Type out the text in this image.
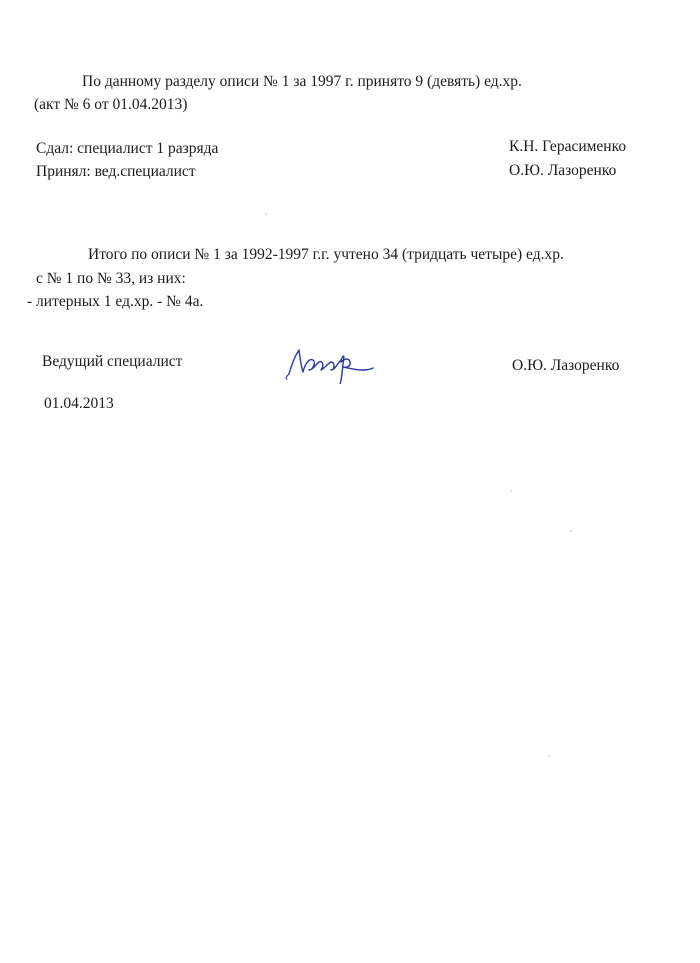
По данному разделу описи № 1 за 1997 г. принято 9 (девять) ед.хр.
(акт № 6 от 01.04.2013)
Сдал: специалист 1 разряда	К.Н. Герасименко
Принял: вед.специалист	О.Ю. Лазоренко
Итого по описи № 1 за 1992-1997 г.г. учтено 34 (тридцать четыре) ед.хр.
с № 1 по № 33, из них:
- литерных 1 ед.хр. - № 4а.
Ведущий специалист	О.Ю. Лазоренко
01.04.2013
